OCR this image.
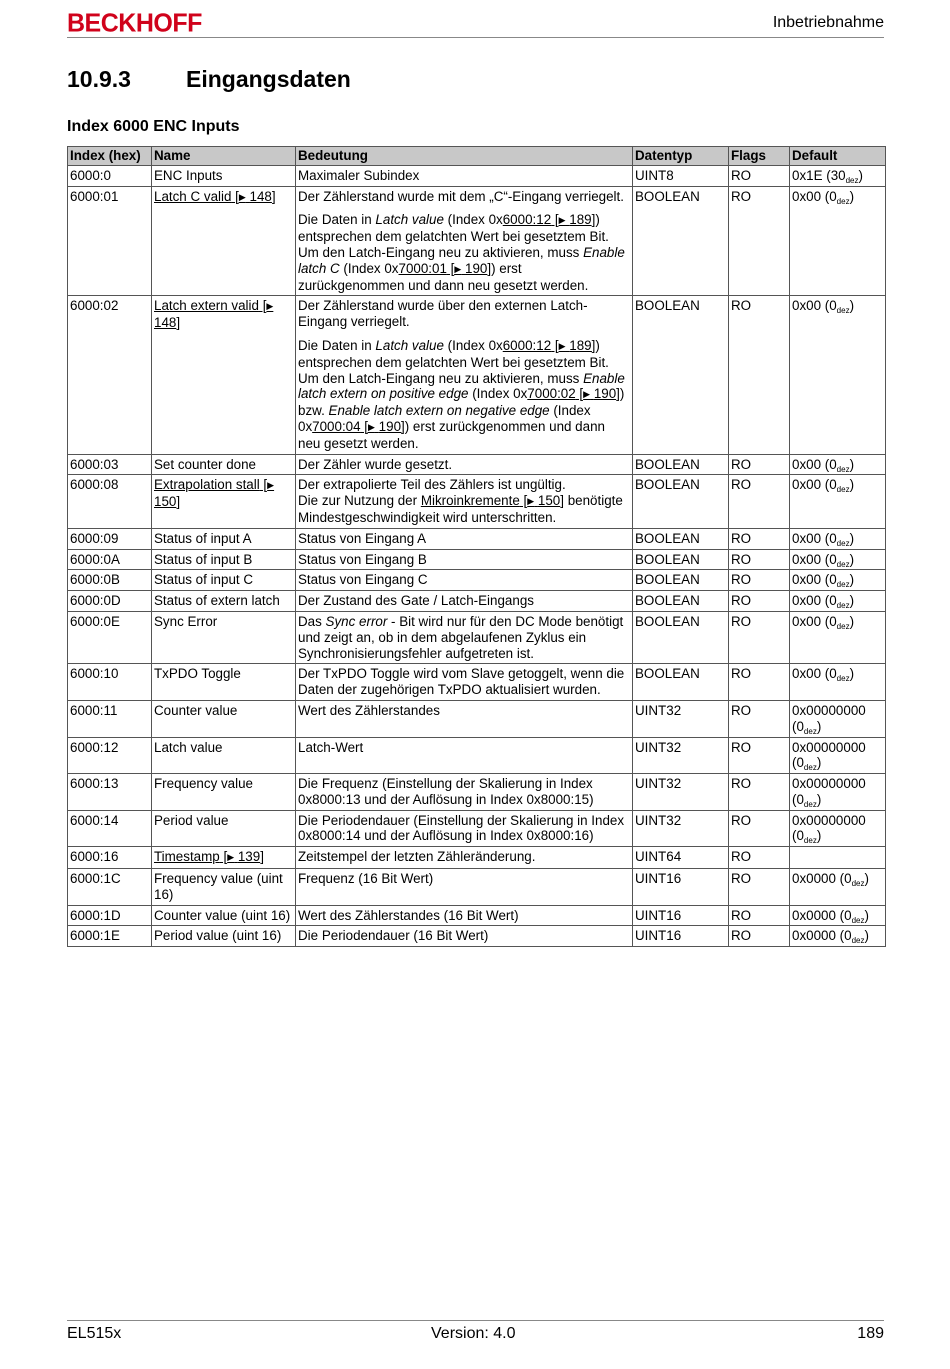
BECKHOFF	Inbetriebnahme
10.9.3 Eingangsdaten
Index 6000 ENC Inputs
Index (hex)	Name	Bedeutung	Datentyp	Flags	Default
6000:0	ENC Inputs	Maximaler Subindex	UINT8	RO	0x1E $(30_{dez})$
6000:01	Latch C valid [▶ 148]	Der Zählerstand wurde mit dem „C“-Eingang verriegelt.
Die Daten in Latch value (Index 0x6000:12 [▶ 189]) entsprechen dem gelatchten Wert bei gesetztem Bit. Um den Latch-Eingang neu zu aktivieren, muss Enable latch C (Index 0x7000:01 [▶ 190]) erst zurückgenommen und dann neu gesetzt werden.	BOOLEAN	RO	0x00 $(0_{dez})$
6000:02	Latch extern valid [▶ 148]	Der Zählerstand wurde über den externen Latch-Eingang verriegelt.
Die Daten in Latch value (Index 0x6000:12 [▶ 189]) entsprechen dem gelatchten Wert bei gesetztem Bit. Um den Latch-Eingang neu zu aktivieren, muss Enable latch extern on positive edge (Index 0x7000:02 [▶ 190]) bzw. Enable latch extern on negative edge (Index 0x7000:04 [▶ 190]) erst zurückgenommen und dann neu gesetzt werden.	BOOLEAN	RO	0x00 $(0_{dez})$
6000:03	Set counter done	Der Zähler wurde gesetzt.	BOOLEAN	RO	0x00 $(0_{dez})$
6000:08	Extrapolation stall [▶ 150]	Der extrapolierte Teil des Zählers ist ungültig.
Die zur Nutzung der Mikroinkremente [▶ 150] benötigte Mindestgeschwindigkeit wird unterschritten.	BOOLEAN	RO	0x00 $(0_{dez})$
6000:09	Status of input A	Status von Eingang A	BOOLEAN	RO	0x00 $(0_{dez})$
6000:0A	Status of input B	Status von Eingang B	BOOLEAN	RO	0x00 $(0_{dez})$
6000:0B	Status of input C	Status von Eingang C	BOOLEAN	RO	0x00 $(0_{dez})$
6000:0D	Status of extern latch	Der Zustand des Gate / Latch-Eingangs	BOOLEAN	RO	0x00 $(0_{dez})$
6000:0E	Sync Error	Das Sync error - Bit wird nur für den DC Mode benötigt und zeigt an, ob in dem abgelaufenen Zyklus ein Synchronisierungsfehler aufgetreten ist.	BOOLEAN	RO	0x00 $(0_{dez})$
6000:10	TxPDO Toggle	Der TxPDO Toggle wird vom Slave getoggelt, wenn die Daten der zugehörigen TxPDO aktualisiert wurden.	BOOLEAN	RO	0x00 $(0_{dez})$
6000:11	Counter value	Wert des Zählerstandes	UINT32	RO	0x00000000 $(0_{dez})$
6000:12	Latch value	Latch-Wert	UINT32	RO	0x00000000 $(0_{dez})$
6000:13	Frequency value	Die Frequenz (Einstellung der Skalierung in Index 0x8000:13 und der Auflösung in Index 0x8000:15)	UINT32	RO	0x00000000 $(0_{dez})$
6000:14	Period value	Die Periodendauer (Einstellung der Skalierung in Index 0x8000:14 und der Auflösung in Index 0x8000:16)	UINT32	RO	0x00000000 $(0_{dez})$
6000:16	Timestamp [▶ 139]	Zeitstempel der letzten Zähleränderung.	UINT64	RO	
6000:1C	Frequency value (uint 16)	Frequenz (16 Bit Wert)	UINT16	RO	0x0000 $(0_{dez})$
6000:1D	Counter value (uint 16)	Wert des Zählerstandes (16 Bit Wert)	UINT16	RO	0x0000 $(0_{dez})$
6000:1E	Period value (uint 16)	Die Periodendauer (16 Bit Wert)	UINT16	RO	0x0000 $(0_{dez})$
EL515x	Version: 4.0	189
